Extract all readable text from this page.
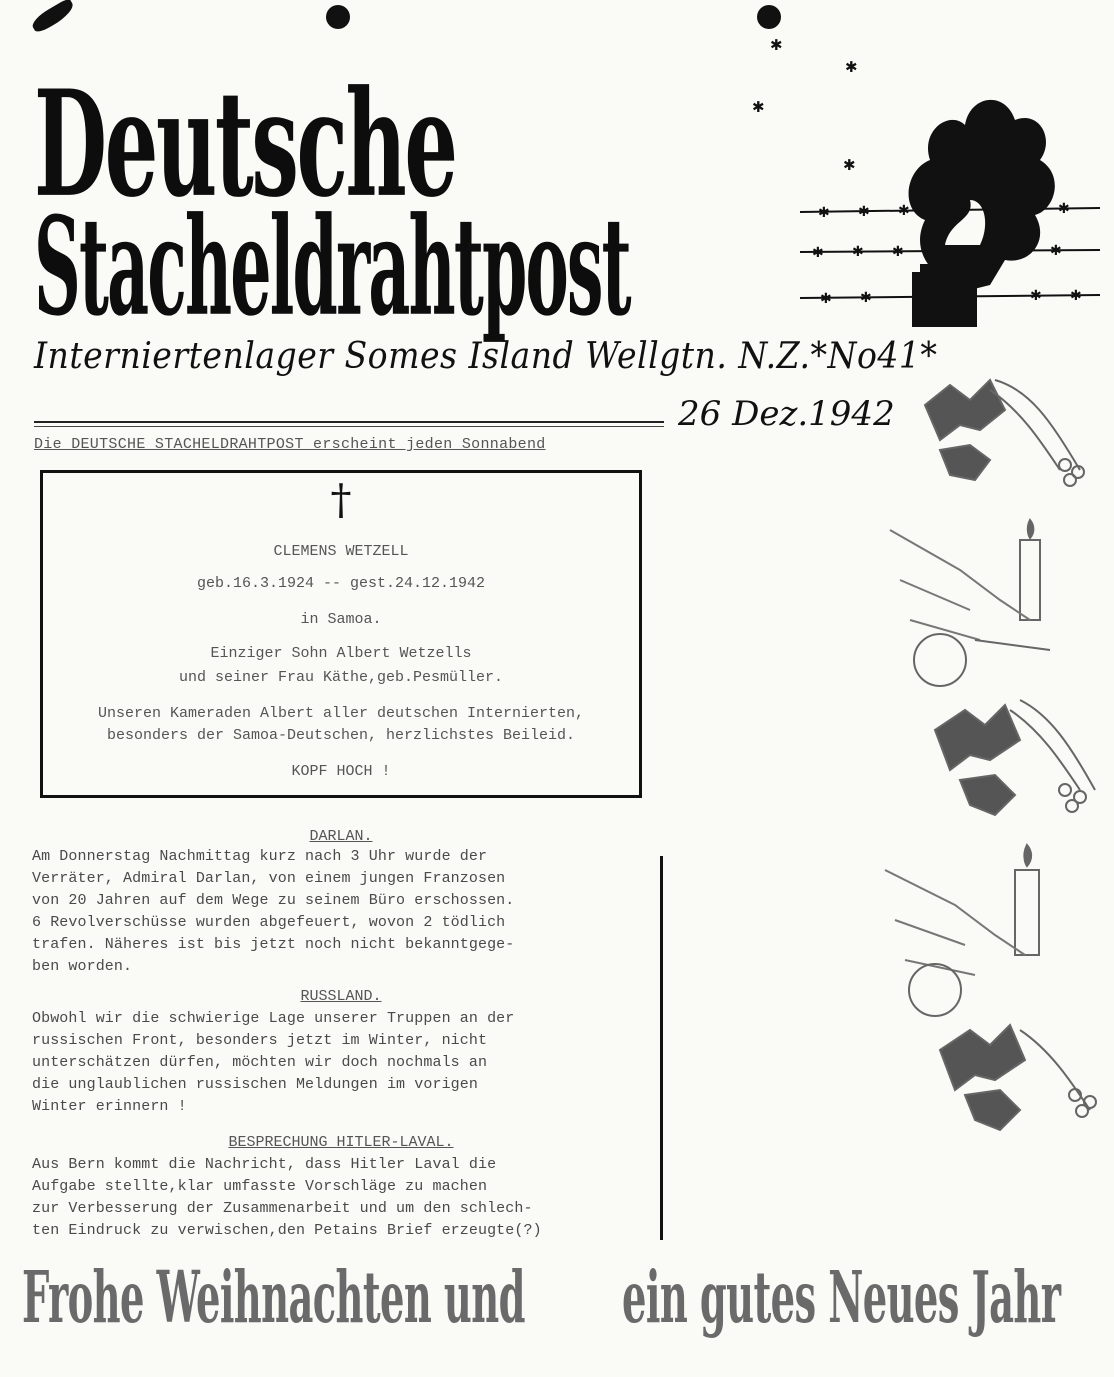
✱
✱
✱
✱
Deutsche
Stacheldrahtpost	✱ ✱ ✱	✱
✱ ✱ ✱	✱
✱ ✱	✱ ✱
Interniertenlager Somes Island Wellgtn. N.Z.*No41*
26 Dez.1942
Die DEUTSCHE STACHELDRAHTPOST erscheint jeden Sonnabend
†
CLEMENS WETZELL
geb.16.3.1924 -- gest.24.12.1942
in Samoa.
Einziger Sohn Albert Wetzells
und seiner Frau Käthe,geb.Pesmüller.
Unseren Kameraden Albert aller deutschen Internierten,
besonders der Samoa-Deutschen, herzlichstes Beileid.
KOPF HOCH !
DARLAN.
Am Donnerstag Nachmittag kurz nach 3 Uhr wurde der
Verräter, Admiral Darlan, von einem jungen Franzosen
von 20 Jahren auf dem Wege zu seinem Büro erschossen.
6 Revolverschüsse wurden abgefeuert, wovon 2 tödlich
trafen. Näheres ist bis jetzt noch nicht bekanntgege-
ben worden.
RUSSLAND.
Obwohl wir die schwierige Lage unserer Truppen an der
russischen Front, besonders jetzt im Winter, nicht
unterschätzen dürfen, möchten wir doch nochmals an
die unglaublichen russischen Meldungen im vorigen
Winter erinnern !
BESPRECHUNG HITLER-LAVAL.
Aus Bern kommt die Nachricht, dass Hitler Laval die
Aufgabe stellte,klar umfasste Vorschläge zu machen
zur Verbesserung der Zusammenarbeit und um den schlech-
ten Eindruck zu verwischen,den Petains Brief erzeugte(?)
Frohe Weihnachten und ein gutes Neues Jahr
